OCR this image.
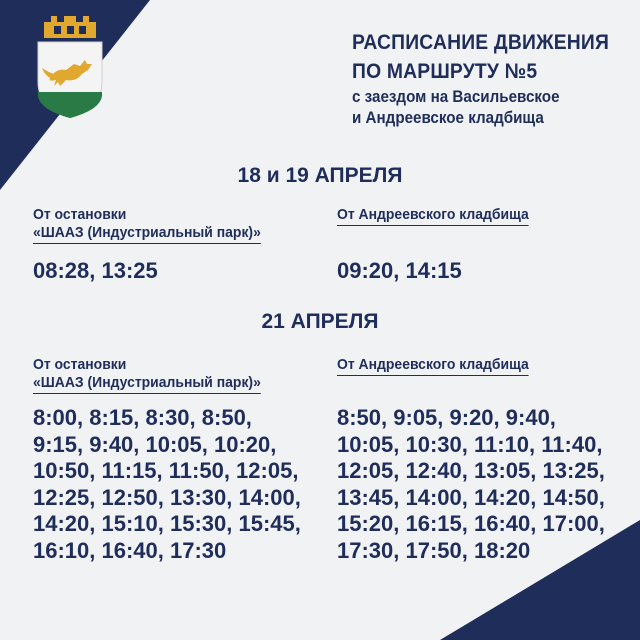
РАСПИСАНИЕ ДВИЖЕНИЯ
ПО МАРШРУТУ №5
с заездом на Васильевское
и Андреевское кладбища
18 и 19 АПРЕЛЯ
От остановки
«ШААЗ (Индустриальный парк)»
От Андреевского кладбища
08:28, 13:25	09:20, 14:15
21 АПРЕЛЯ
От остановки
«ШААЗ (Индустриальный парк)»
От Андреевского кладбища
8:00, 8:15, 8:30, 8:50,
9:15, 9:40, 10:05, 10:20,
10:50, 11:15, 11:50, 12:05,
12:25, 12:50, 13:30, 14:00,
14:20, 15:10, 15:30, 15:45,
16:10, 16:40, 17:30
8:50, 9:05, 9:20, 9:40,
10:05, 10:30, 11:10, 11:40,
12:05, 12:40, 13:05, 13:25,
13:45, 14:00, 14:20, 14:50,
15:20, 16:15, 16:40, 17:00,
17:30, 17:50, 18:20
